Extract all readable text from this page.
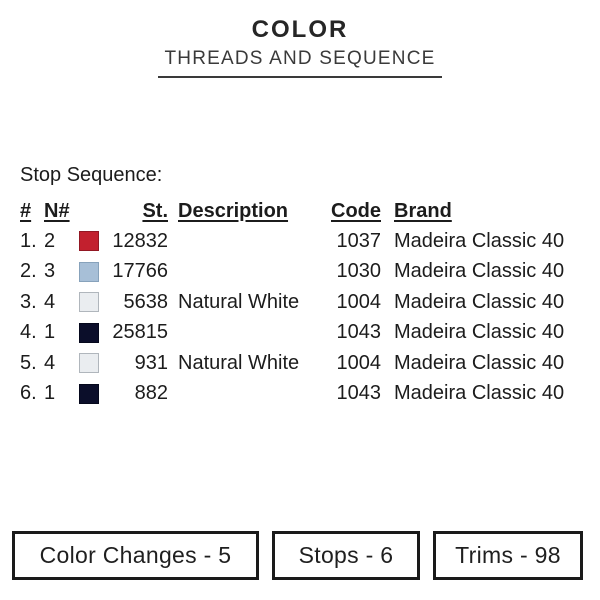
COLOR
THREADS AND SEQUENCE
Stop Sequence:
# N#	St. Description	Code Brand
1. 2	12832	1037 Madeira Classic 40
2. 3	17766	1030 Madeira Classic 40
3. 4	5638 Natural White	1004 Madeira Classic 40
4. 1	25815	1043 Madeira Classic 40
5. 4	931 Natural White	1004 Madeira Classic 40
6. 1	882	1043 Madeira Classic 40
Color Changes - 5	Stops - 6	Trims - 98
